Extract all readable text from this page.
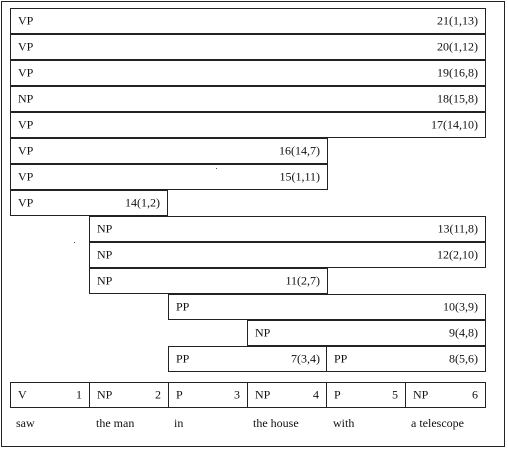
VP	21(1,13)
VP	20(1,12)
VP	19(16,8)
NP	18(15,8)
VP	17(14,10)
VP	16(14,7)
VP	15(1,11)
VP	14(1,2)
NP	13(11,8)
NP	12(2,10)
NP	11(2,7)
PP	10(3,9)
NP	9(4,8)
PP	7(3,4) PP	8(5,6)
V	1 NP	2 P	3 NP	4 P	5 NP	6
saw	the man	in	the house	with	a telescope
